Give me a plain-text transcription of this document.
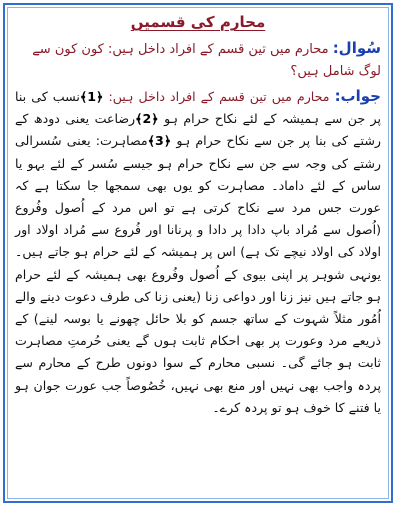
محارم کی قسمیں
سُوال: محارم میں تین قسم کے افراد داخل ہیں: کون کون سے لوگ شامل ہیں؟
جواب: محارم میں تین قسم کے افراد داخل ہیں: ﴿1﴾نسب کی بنا پر جن سے ہمیشہ کے لئے نکاح حرام ہو ﴿2﴾رضاعت یعنی دودھ کے رشتے کی بنا پر جن سے نکاح حرام ہو ﴿3﴾مصاہرت: یعنی سُسرالی رشتے کی وجہ سے جن سے نکاح حرام ہو جیسے سُسر کے لئے بہو یا ساس کے لئے داماد۔ مصاہرت کو یوں بھی سمجھا جا سکتا ہے کہ عورت جس مرد سے نکاح کرتی ہے تو اس مرد کے اُصول وفُروع (اُصول سے مُراد باپ دادا پر دادا و پرنانا اور فُروع سے مُراد اولاد اور اولاد کی اولاد نیچے تک ہے) اس پر ہمیشہ کے لئے حرام ہو جاتے ہیں۔ یونہی شوہر پر اپنی بیوی کے اُصول وفُروع بھی ہمیشہ کے لئے حرام ہو جاتے ہیں نیز زنا اور دواعی زنا (یعنی زنا کی طرف دعوت دینے والے اُمُور مثلاً شہوت کے ساتھ جسم کو بلا حائل چھونے یا بوسہ لینے) کے ذریعے مرد وعورت پر بھی احکام ثابت ہوں گے یعنی حُرمتِ مصاہرت ثابت ہو جائے گی۔ نسبی محارم کے سوا دونوں طرح کے محارم سے پردہ واجب بھی نہیں اور منع بھی نہیں، خُصُوصاً جب عورت جوان ہو یا فتنے کا خوف ہو تو پردہ کرے۔
